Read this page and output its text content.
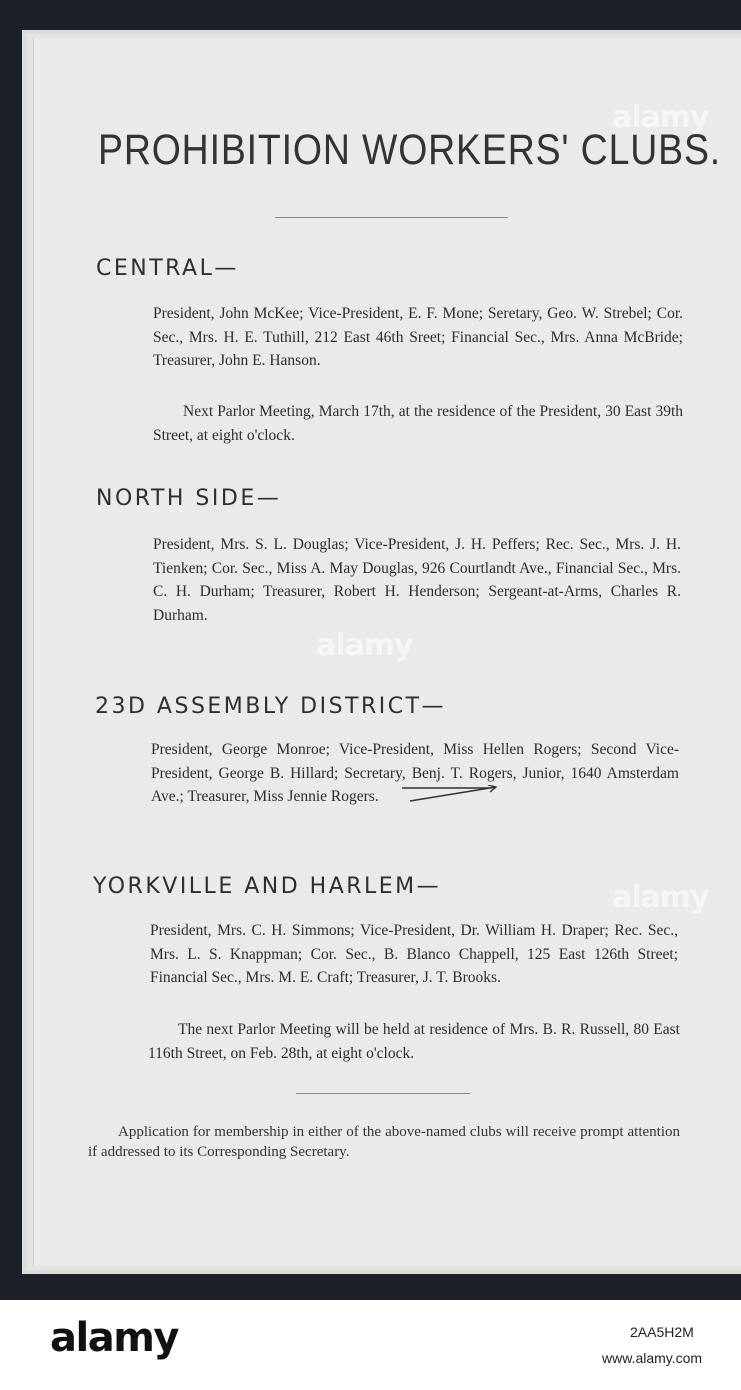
PROHIBITION WORKERS' CLUBS.
CENTRAL—
President, John McKee; Vice-President, E. F. Mone; Seretary, Geo. W. Strebel; Cor. Sec., Mrs. H. E. Tuthill, 212 East 46th Sreet; Financial Sec., Mrs. Anna McBride; Treasurer, John E. Hanson.
Next Parlor Meeting, March 17th, at the residence of the President, 30 East 39th Street, at eight o'clock.
NORTH SIDE—
President, Mrs. S. L. Douglas; Vice-President, J. H. Peffers; Rec. Sec., Mrs. J. H. Tienken; Cor. Sec., Miss A. May Douglas, 926 Courtlandt Ave., Financial Sec., Mrs. C. H. Durham; Treasurer, Robert H. Henderson; Sergeant-at-Arms, Charles R. Durham.
23D ASSEMBLY DISTRICT—
President, George Monroe; Vice-President, Miss Hellen Rogers; Second Vice-President, George B. Hillard; Secretary, Benj. T. Rogers, Junior, 1640 Amsterdam Ave.; Treasurer, Miss Jennie Rogers.
YORKVILLE AND HARLEM—
President, Mrs. C. H. Simmons; Vice-President, Dr. William H. Draper; Rec. Sec., Mrs. L. S. Knappman; Cor. Sec., B. Blanco Chappell, 125 East 126th Street; Financial Sec., Mrs. M. E. Craft; Treasurer, J. T. Brooks.
The next Parlor Meeting will be held at residence of Mrs. B. R. Russell, 80 East 116th Street, on Feb. 28th, at eight o'clock.
Application for membership in either of the above-named clubs will receive prompt attention if addressed to its Corresponding Secretary.
alamy
alamy
alamy
alamy	2AA5H2M
www.alamy.com
